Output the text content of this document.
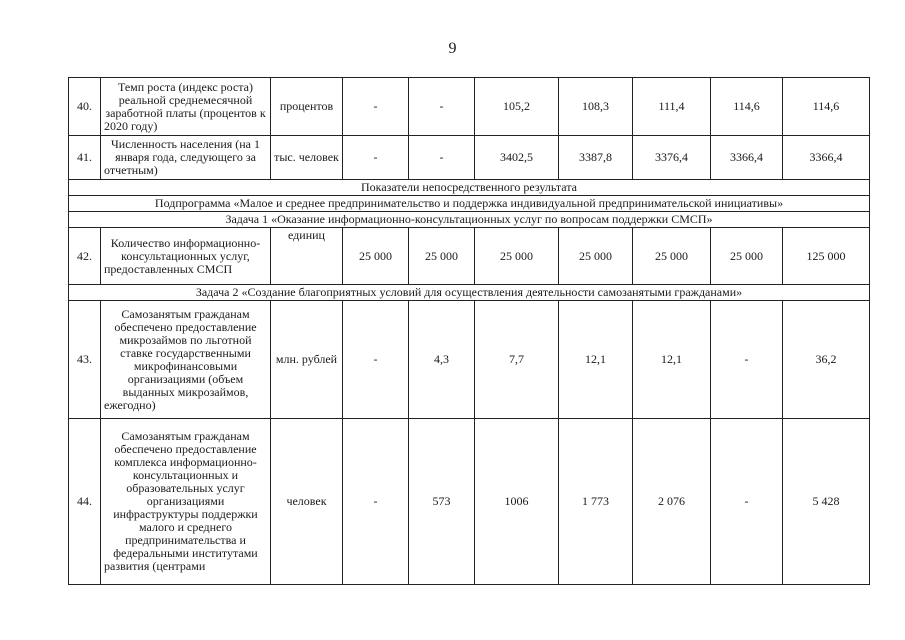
9
40.	Темп роста (индекс роста) реальной среднемесячной заработной платы (процентов к 2020 году)	процентов	-	-	105,2	108,3	111,4	114,6	114,6
41.	Численность населения (на 1 января года, следующего за отчетным)	тыс. человек	-	-	3402,5	3387,8	3376,4	3366,4	3366,4
Показатели непосредственного результата									
Подпрограмма «Малое и среднее предпринимательство и поддержка индивидуальной предпринимательской инициативы»									
Задача 1 «Оказание информационно-консультационных услуг по вопросам поддержки СМСП»									
42.	Количество информационно-консультационных услуг, предоставленных СМСП	единиц	25 000	25 000	25 000	25 000	25 000	25 000	125 000
Задача 2 «Создание благоприятных условий для осуществления деятельности самозанятыми гражданами»									
43.	Самозанятым гражданам обеспечено предоставление микрозаймов по льготной ставке государственными микрофинансовыми организациями (объем выданных микрозаймов, ежегодно)	млн. рублей	-	4,3	7,7	12,1	12,1	-	36,2
44.	Самозанятым гражданам обеспечено предоставление комплекса информационно-консультационных и образовательных услуг организациями инфраструктуры поддержки малого и среднего предпринимательства и федеральными институтами развития (центрами	человек	-	573	1006	1 773	2 076	-	5 428
